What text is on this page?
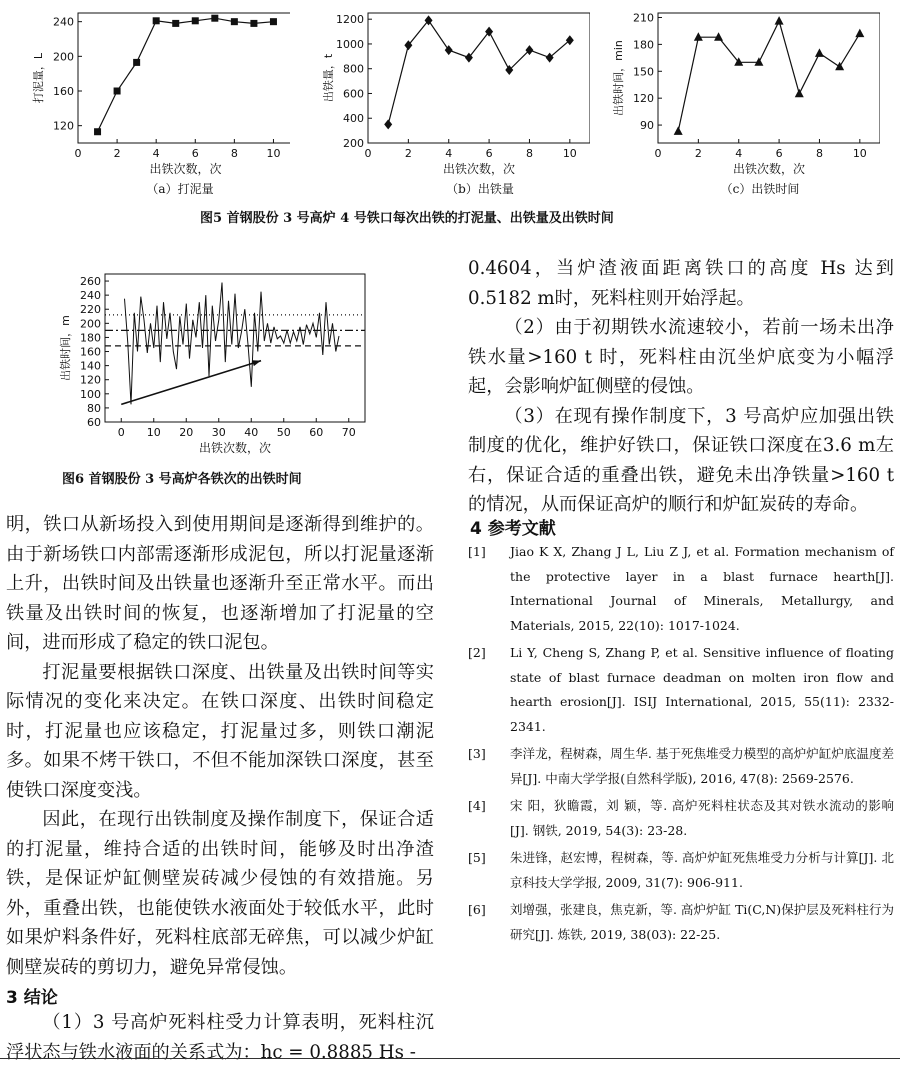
0	2	4	6	8	10
120
160
200
240
出铁次数，次
打泥量，L
0	2	4	6	8	10
200
400
600
800
1000
1200
出铁次数，次
出铁量，t
0	2	4	6	8	10
90
120
150
180
210
出铁次数，次
出铁时间，min
（a）打泥量	（b）出铁量	（c）出铁时间
图5 首钢股份 3 号高炉 4 号铁口每次出铁的打泥量、出铁量及出铁时间
0 10 20 30 40 50 60 70
60
80
100
120
140
160
180
200
220
240
260
出铁次数，次
出铁时间，m
图6 首钢股份 3 号高炉各铁次的出铁时间

0.4604，当炉渣液面距离铁口的高度 Hs 达到 0.5182 m时，死料柱则开始浮起。

（2）由于初期铁水流速较小，若前一场未出净铁水量>160 t 时，死料柱由沉坐炉底变为小幅浮起，会影响炉缸侧壁的侵蚀。

（3）在现有操作制度下，3 号高炉应加强出铁制度的优化，维护好铁口，保证铁口深度在3.6 m左右，保证合适的重叠出铁，避免未出净铁量>160 t 的情况，从而保证高炉的顺行和炉缸炭砖的寿命。

4 参考文献
[1] Jiao K X, Zhang J L, Liu Z J, et al. Formation mechanism of the protective layer in a blast furnace hearth[J]. International Journal of Minerals, Metallurgy, and Materials, 2015, 22(10): 1017-1024.
[2] Li Y, Cheng S, Zhang P, et al. Sensitive influence of floating state of blast furnace deadman on molten iron flow and hearth erosion[J]. ISIJ International, 2015, 55(11): 2332-2341.
[3] 李洋龙，程树森，周生华. 基于死焦堆受力模型的高炉炉缸炉底温度差异[J]. 中南大学学报(自然科学版), 2016, 47(8): 2569-2576.
[4] 宋 阳，狄瞻霞，刘 颖，等. 高炉死料柱状态及其对铁水流动的影响[J]. 钢铁, 2019, 54(3): 23-28.
[5] 朱进锋，赵宏博，程树森，等. 高炉炉缸死焦堆受力分析与计算[J]. 北京科技大学学报, 2009, 31(7): 906-911.
[6] 刘增强，张建良，焦克新，等. 高炉炉缸 Ti(C,N)保护层及死料柱行为研究[J]. 炼铁, 2019, 38(03): 22-25.

明，铁口从新场投入到使用期间是逐渐得到维护的。由于新场铁口内部需逐渐形成泥包，所以打泥量逐渐上升，出铁时间及出铁量也逐渐升至正常水平。而出铁量及出铁时间的恢复，也逐渐增加了打泥量的空间，进而形成了稳定的铁口泥包。

打泥量要根据铁口深度、出铁量及出铁时间等实际情况的变化来决定。在铁口深度、出铁时间稳定时，打泥量也应该稳定，打泥量过多，则铁口潮泥多。如果不烤干铁口，不但不能加深铁口深度，甚至使铁口深度变浅。

因此，在现行出铁制度及操作制度下，保证合适的打泥量，维持合适的出铁时间，能够及时出净渣铁，是保证炉缸侧壁炭砖减少侵蚀的有效措施。另外，重叠出铁，也能使铁水液面处于较低水平，此时如果炉料条件好，死料柱底部无碎焦，可以减少炉缸侧壁炭砖的剪切力，避免异常侵蚀。

3 结论

（1）3 号高炉死料柱受力计算表明，死料柱沉浮状态与铁水液面的关系式为：hc = 0.8885 Hs -
